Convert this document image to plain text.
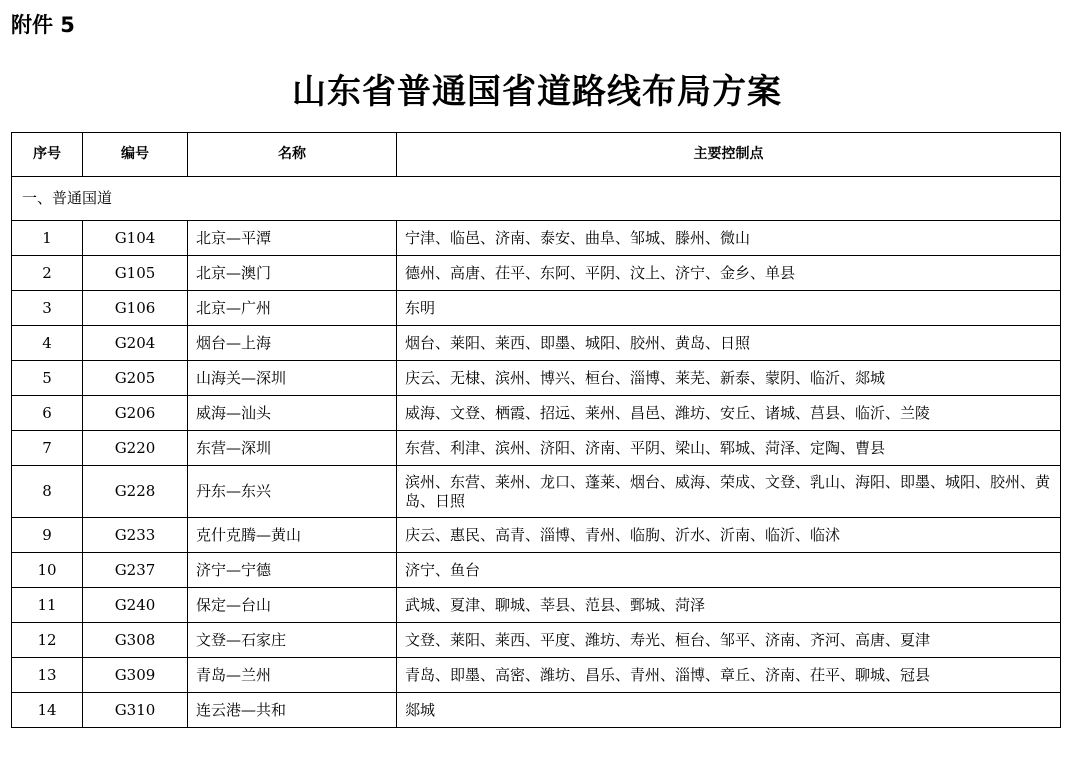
附件 5
山东省普通国省道路线布局方案
序号	编号	名称	主要控制点
一、普通国道			
1	G104	北京—平潭	宁津、临邑、济南、泰安、曲阜、邹城、滕州、微山
2	G105	北京—澳门	德州、高唐、茌平、东阿、平阴、汶上、济宁、金乡、单县
3	G106	北京—广州	东明
4	G204	烟台—上海	烟台、莱阳、莱西、即墨、城阳、胶州、黄岛、日照
5	G205	山海关—深圳	庆云、无棣、滨州、博兴、桓台、淄博、莱芜、新泰、蒙阴、临沂、郯城
6	G206	威海—汕头	威海、文登、栖霞、招远、莱州、昌邑、潍坊、安丘、诸城、莒县、临沂、兰陵
7	G220	东营—深圳	东营、利津、滨州、济阳、济南、平阴、梁山、郓城、菏泽、定陶、曹县
8	G228	丹东—东兴	滨州、东营、莱州、龙口、蓬莱、烟台、威海、荣成、文登、乳山、海阳、即墨、城阳、胶州、黄岛、日照
9	G233	克什克腾—黄山	庆云、惠民、高青、淄博、青州、临朐、沂水、沂南、临沂、临沭
10	G237	济宁—宁德	济宁、鱼台
11	G240	保定—台山	武城、夏津、聊城、莘县、范县、鄄城、菏泽
12	G308	文登—石家庄	文登、莱阳、莱西、平度、潍坊、寿光、桓台、邹平、济南、齐河、高唐、夏津
13	G309	青岛—兰州	青岛、即墨、高密、潍坊、昌乐、青州、淄博、章丘、济南、茌平、聊城、冠县
14	G310	连云港—共和	郯城
